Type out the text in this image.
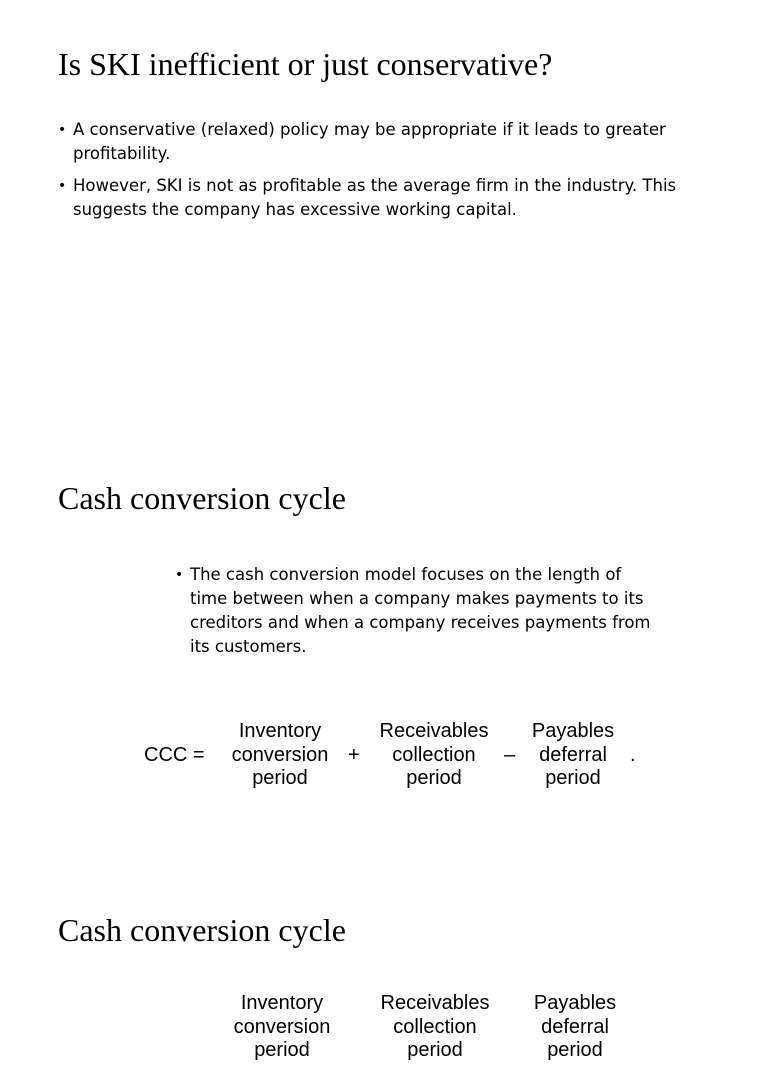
Is SKI inefficient or just conservative?
• A conservative (relaxed) policy may be appropriate if it leads to greater profitability.
• However, SKI is not as profitable as the average firm in the industry. This suggests the company has excessive working capital.
Cash conversion cycle
• The cash conversion model focuses on the length of time between when a company makes payments to its creditors and when a company receives payments from its customers.
CCC =
Inventory
conversion
period
+
Receivables
collection
period
–
Payables
deferral
period
.
Cash conversion cycle
Inventory
conversion
period
Receivables
collection
period
Payables
deferral
period
